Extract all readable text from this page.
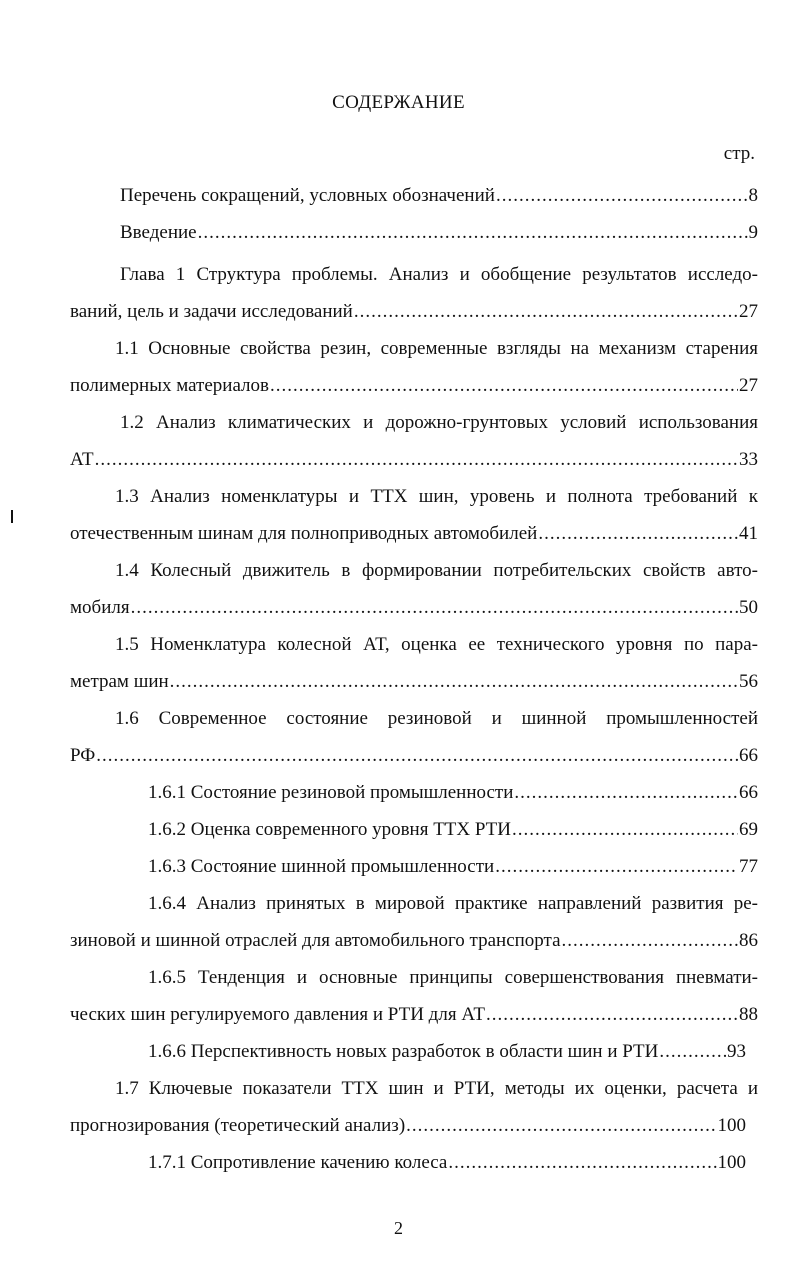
СОДЕРЖАНИЕ
стр.
Перечень сокращений, условных обозначений .....	8
Введение .....	9
Глава 1 Структура проблемы. Анализ и обобщение результатов исследо-
ваний, цель и задачи исследований .....	27
1.1 Основные свойства резин, современные взгляды на механизм старения
полимерных материалов .....	27
1.2 Анализ климатических и дорожно-грунтовых условий использования
АТ .....	33
1.3 Анализ номенклатуры и ТТХ шин, уровень и полнота требований к
отечественным шинам для полноприводных автомобилей .....	41
1.4 Колесный движитель в формировании потребительских свойств авто-
мобиля .....	50
1.5 Номенклатура колесной АТ, оценка ее технического уровня по пара-
метрам шин .....	56
1.6 Современное состояние резиновой и шинной промышленностей
РФ .....	66
1.6.1 Состояние резиновой промышленности .....	66
1.6.2 Оценка современного уровня ТТХ РТИ .....	69
1.6.3 Состояние шинной промышленности .....	77
1.6.4 Анализ принятых в мировой практике направлений развития ре-
зиновой и шинной отраслей для автомобильного транспорта .....	86
1.6.5 Тенденция и основные принципы совершенствования пневмати-
ческих шин регулируемого давления и РТИ для АТ .....	88
1.6.6 Перспективность новых разработок в области шин и РТИ .....	93
1.7 Ключевые показатели ТТХ шин и РТИ, методы их оценки, расчета и
прогнозирования (теоретический анализ) .....	100
1.7.1 Сопротивление качению колеса .....	100
2
